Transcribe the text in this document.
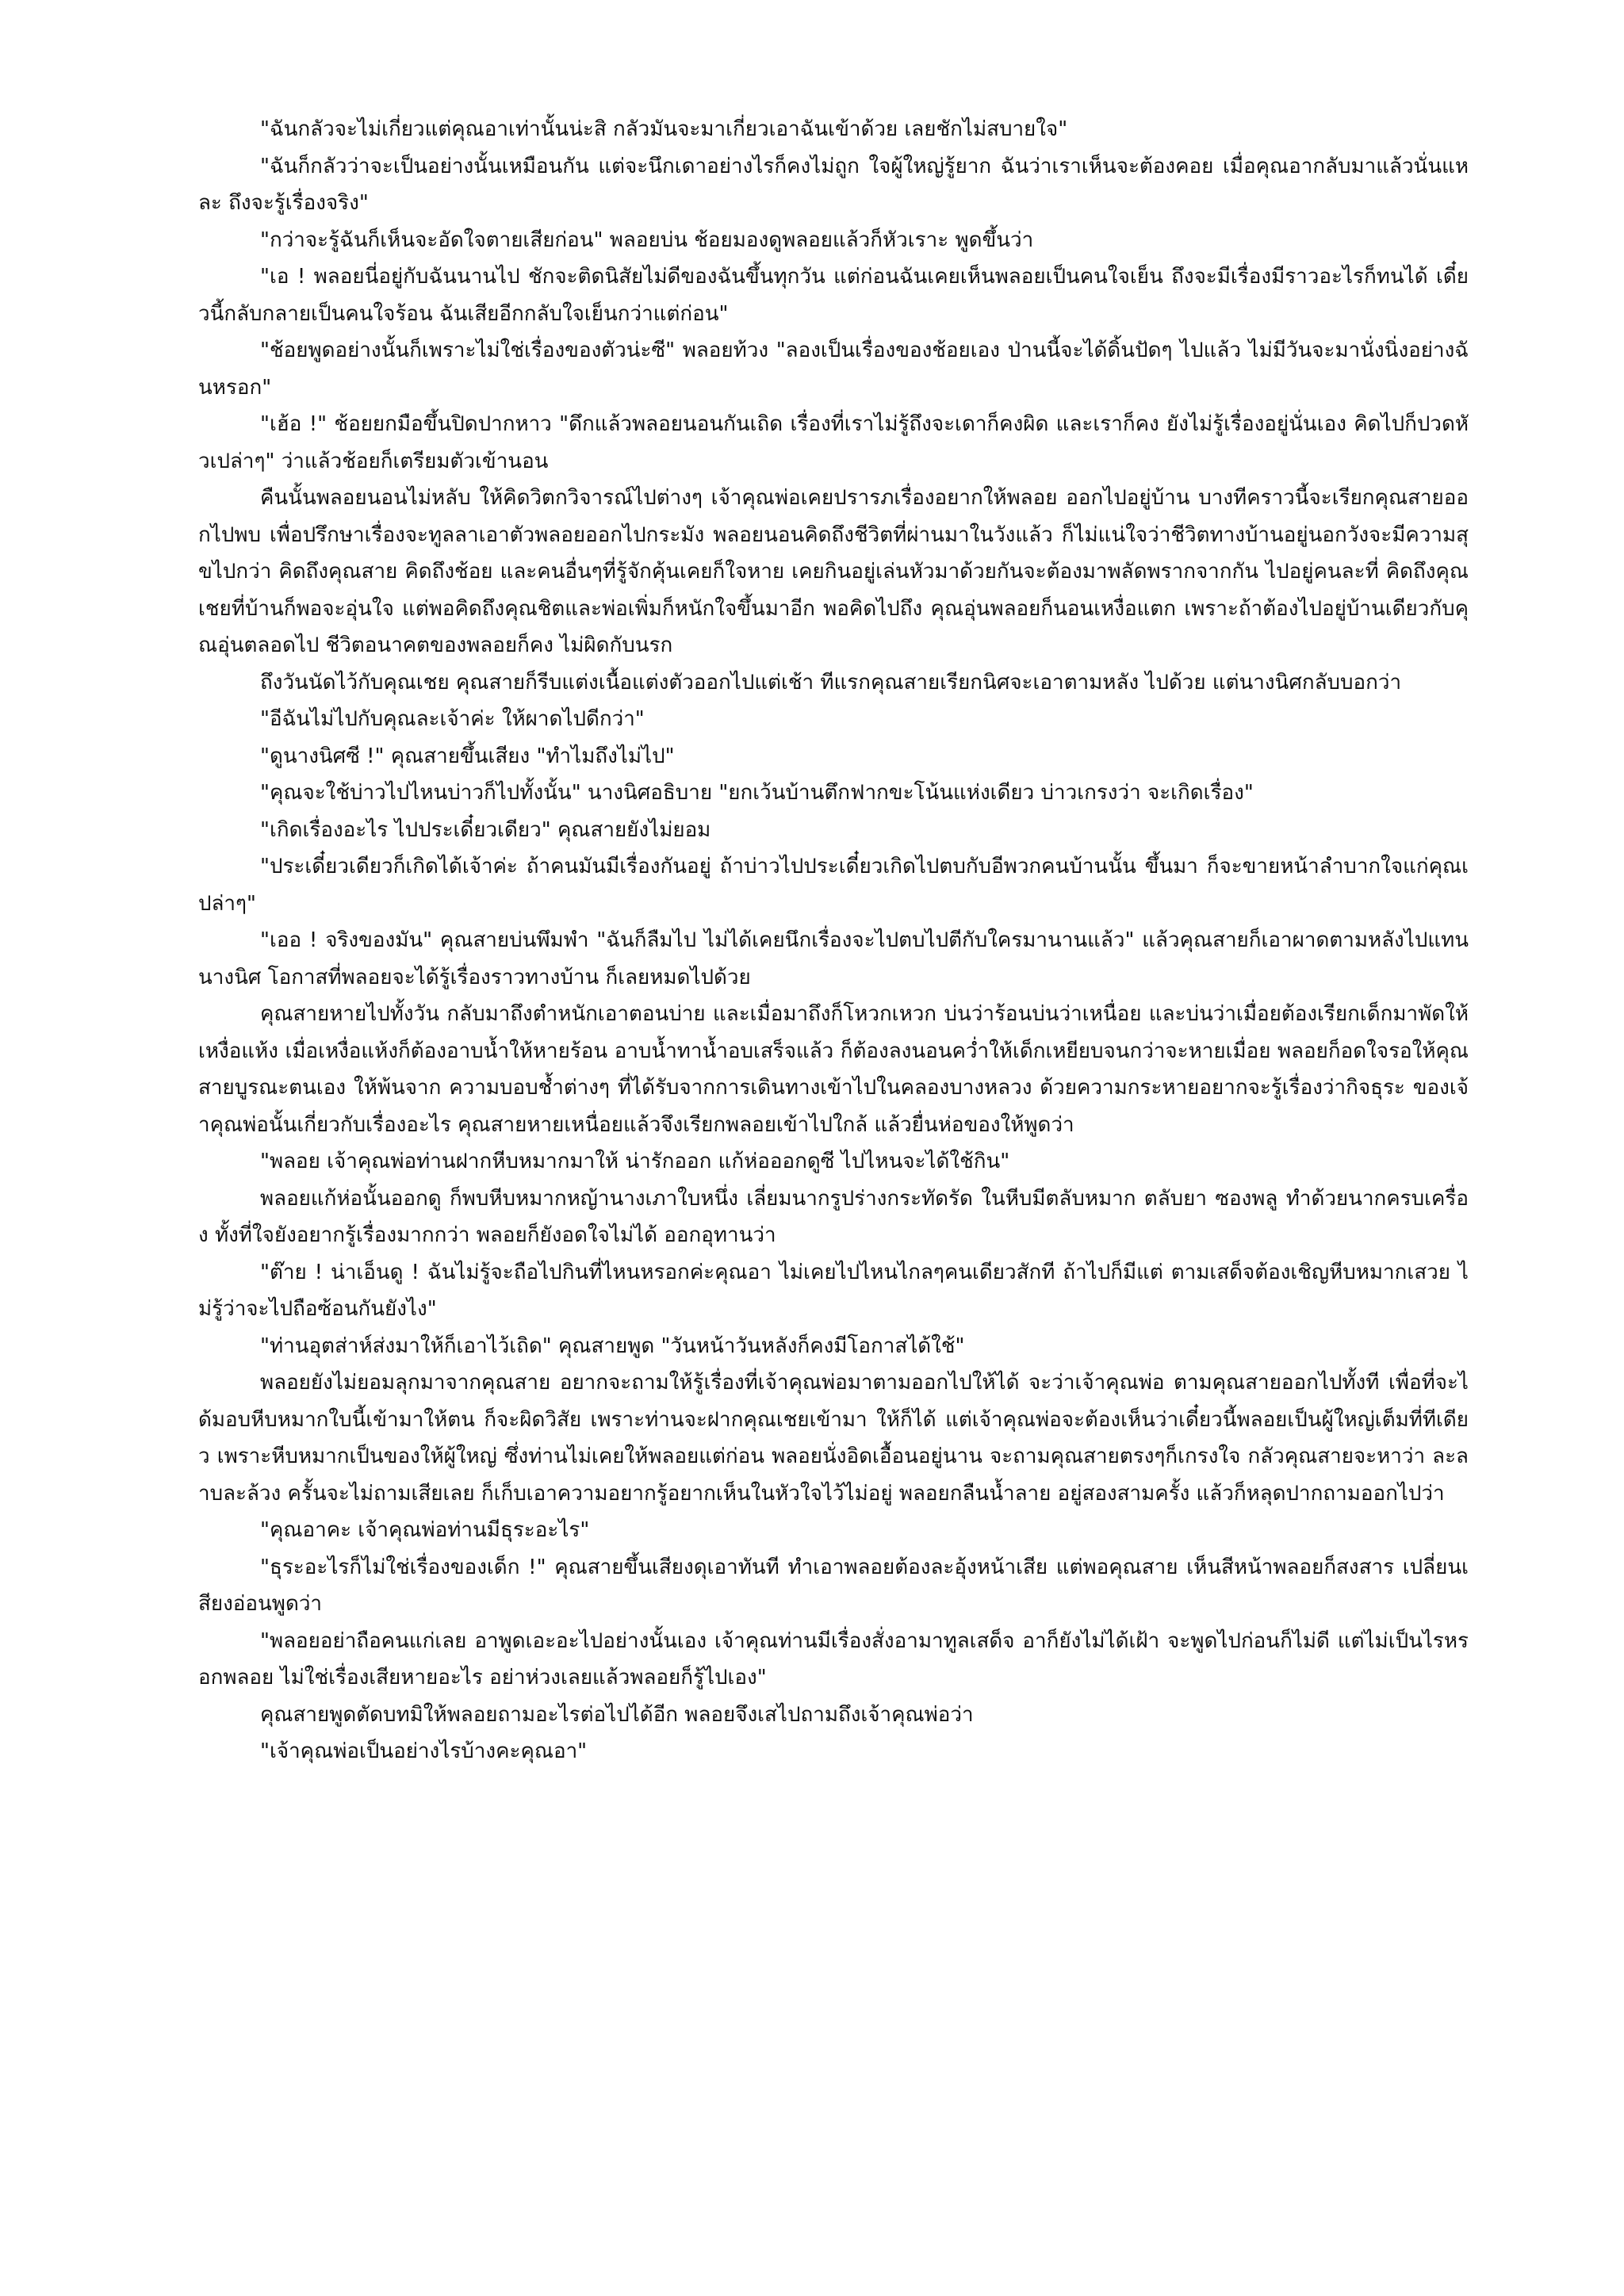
"ฉันกลัวจะไม่เกี่ยวแต่คุณอาเท่านั้นน่ะสิ กลัวมันจะมาเกี่ยวเอาฉันเข้าด้วย เลยชักไม่สบายใจ"

"ฉันก็กลัวว่าจะเป็นอย่างนั้นเหมือนกัน แต่จะนึกเดาอย่างไรก็คงไม่ถูก ใจผู้ใหญ่รู้ยาก ฉันว่าเราเห็นจะต้องคอย เมื่อคุณอากลับมาแล้วนั่นแหละ ถึงจะรู้เรื่องจริง"

"กว่าจะรู้ฉันก็เห็นจะอัดใจตายเสียก่อน" พลอยบ่น ช้อยมองดูพลอยแล้วก็หัวเราะ พูดขึ้นว่า

"เอ ! พลอยนี่อยู่กับฉันนานไป ชักจะติดนิสัยไม่ดีของฉันขึ้นทุกวัน แต่ก่อนฉันเคยเห็นพลอยเป็นคนใจเย็น ถึงจะมีเรื่องมีราวอะไรก็ทนได้ เดี๋ยวนี้กลับกลายเป็นคนใจร้อน ฉันเสียอีกกลับใจเย็นกว่าแต่ก่อน"

"ช้อยพูดอย่างนั้นก็เพราะไม่ใช่เรื่องของตัวน่ะซี" พลอยท้วง "ลองเป็นเรื่องของช้อยเอง ป่านนี้จะได้ดิ้นปัดๆ ไปแล้ว ไม่มีวันจะมานั่งนิ่งอย่างฉันหรอก"

"เฮ้อ !" ช้อยยกมือขึ้นปิดปากหาว "ดึกแล้วพลอยนอนกันเถิด เรื่องที่เราไม่รู้ถึงจะเดาก็คงผิด และเราก็คง ยังไม่รู้เรื่องอยู่นั่นเอง คิดไปก็ปวดหัวเปล่าๆ" ว่าแล้วช้อยก็เตรียมตัวเข้านอน

คืนนั้นพลอยนอนไม่หลับ ให้คิดวิตกวิจารณ์ไปต่างๆ เจ้าคุณพ่อเคยปรารภเรื่องอยากให้พลอย ออกไปอยู่บ้าน บางทีคราวนี้จะเรียกคุณสายออกไปพบ เพื่อปรึกษาเรื่องจะทูลลาเอาตัวพลอยออกไปกระมัง พลอยนอนคิดถึงชีวิตที่ผ่านมาในวังแล้ว ก็ไม่แน่ใจว่าชีวิตทางบ้านอยู่นอกวังจะมีความสุขไปกว่า คิดถึงคุณสาย คิดถึงช้อย และคนอื่นๆที่รู้จักคุ้นเคยก็ใจหาย เคยกินอยู่เล่นหัวมาด้วยกันจะต้องมาพลัดพรากจากกัน ไปอยู่คนละที่ คิดถึงคุณเชยที่บ้านก็พอจะอุ่นใจ แต่พอคิดถึงคุณชิตและพ่อเพิ่มก็หนักใจขึ้นมาอีก พอคิดไปถึง คุณอุ่นพลอยก็นอนเหงื่อแตก เพราะถ้าต้องไปอยู่บ้านเดียวกับคุณอุ่นตลอดไป ชีวิตอนาคตของพลอยก็คง ไม่ผิดกับนรก

ถึงวันนัดไว้กับคุณเชย คุณสายก็รีบแต่งเนื้อแต่งตัวออกไปแต่เช้า ทีแรกคุณสายเรียกนิศจะเอาตามหลัง ไปด้วย แต่นางนิศกลับบอกว่า

"อีฉันไม่ไปกับคุณละเจ้าค่ะ ให้ผาดไปดีกว่า"

"ดูนางนิศซี !" คุณสายขึ้นเสียง "ทำไมถึงไม่ไป"

"คุณจะใช้บ่าวไปไหนบ่าวก็ไปทั้งนั้น" นางนิศอธิบาย "ยกเว้นบ้านตึกฟากขะโน้นแห่งเดียว บ่าวเกรงว่า จะเกิดเรื่อง"

"เกิดเรื่องอะไร ไปประเดี๋ยวเดียว" คุณสายยังไม่ยอม

"ประเดี๋ยวเดียวก็เกิดได้เจ้าค่ะ ถ้าคนมันมีเรื่องกันอยู่ ถ้าบ่าวไปประเดี๋ยวเกิดไปตบกับอีพวกคนบ้านนั้น ขึ้นมา ก็จะขายหน้าลำบากใจแก่คุณเปล่าๆ"

"เออ ! จริงของมัน" คุณสายบ่นพึมพำ "ฉันก็ลืมไป ไม่ได้เคยนึกเรื่องจะไปตบไปตีกับใครมานานแล้ว" แล้วคุณสายก็เอาผาดตามหลังไปแทนนางนิศ โอกาสที่พลอยจะได้รู้เรื่องราวทางบ้าน ก็เลยหมดไปด้วย

คุณสายหายไปทั้งวัน กลับมาถึงตำหนักเอาตอนบ่าย และเมื่อมาถึงก็โหวกเหวก บ่นว่าร้อนบ่นว่าเหนื่อย และบ่นว่าเมื่อยต้องเรียกเด็กมาพัดให้เหงื่อแห้ง เมื่อเหงื่อแห้งก็ต้องอาบน้ำให้หายร้อน อาบน้ำทาน้ำอบเสร็จแล้ว ก็ต้องลงนอนคว่ำให้เด็กเหยียบจนกว่าจะหายเมื่อย พลอยก็อดใจรอให้คุณสายบูรณะตนเอง ให้พ้นจาก ความบอบช้ำต่างๆ ที่ได้รับจากการเดินทางเข้าไปในคลองบางหลวง ด้วยความกระหายอยากจะรู้เรื่องว่ากิจธุระ ของเจ้าคุณพ่อนั้นเกี่ยวกับเรื่องอะไร คุณสายหายเหนื่อยแล้วจึงเรียกพลอยเข้าไปใกล้ แล้วยื่นห่อของให้พูดว่า

"พลอย เจ้าคุณพ่อท่านฝากหีบหมากมาให้ น่ารักออก แก้ห่อออกดูซี ไปไหนจะได้ใช้กิน"

พลอยแก้ห่อนั้นออกดู ก็พบหีบหมากหญ้านางเภาใบหนึ่ง เลี่ยมนากรูปร่างกระทัดรัด ในหีบมีตลับหมาก ตลับยา ซองพลู ทำด้วยนากครบเครื่อง ทั้งที่ใจยังอยากรู้เรื่องมากกว่า พลอยก็ยังอดใจไม่ได้ ออกอุทานว่า

"ต๊าย ! น่าเอ็นดู ! ฉันไม่รู้จะถือไปกินที่ไหนหรอกค่ะคุณอา ไม่เคยไปไหนไกลๆคนเดียวสักที ถ้าไปก็มีแต่ ตามเสด็จต้องเชิญหีบหมากเสวย ไม่รู้ว่าจะไปถือซ้อนกันยังไง"

"ท่านอุตส่าห์ส่งมาให้ก็เอาไว้เถิด" คุณสายพูด "วันหน้าวันหลังก็คงมีโอกาสได้ใช้"

พลอยยังไม่ยอมลุกมาจากคุณสาย อยากจะถามให้รู้เรื่องที่เจ้าคุณพ่อมาตามออกไปให้ได้ จะว่าเจ้าคุณพ่อ ตามคุณสายออกไปทั้งที เพื่อที่จะได้มอบหีบหมากใบนี้เข้ามาให้ตน ก็จะผิดวิสัย เพราะท่านจะฝากคุณเชยเข้ามา ให้ก็ได้ แต่เจ้าคุณพ่อจะต้องเห็นว่าเดี๋ยวนี้พลอยเป็นผู้ใหญ่เต็มที่ทีเดียว เพราะหีบหมากเป็นของให้ผู้ใหญ่ ซึ่งท่านไม่เคยให้พลอยแต่ก่อน พลอยนั่งอิดเอื้อนอยู่นาน จะถามคุณสายตรงๆก็เกรงใจ กลัวคุณสายจะหาว่า ละลาบละล้วง ครั้นจะไม่ถามเสียเลย ก็เก็บเอาความอยากรู้อยากเห็นในหัวใจไว้ไม่อยู่ พลอยกลืนน้ำลาย อยู่สองสามครั้ง แล้วก็หลุดปากถามออกไปว่า

"คุณอาคะ เจ้าคุณพ่อท่านมีธุระอะไร"

"ธุระอะไรก็ไม่ใช่เรื่องของเด็ก !" คุณสายขึ้นเสียงดุเอาทันที ทำเอาพลอยต้องละอุ้งหน้าเสีย แต่พอคุณสาย เห็นสีหน้าพลอยก็สงสาร เปลี่ยนเสียงอ่อนพูดว่า

"พลอยอย่าถือคนแก่เลย อาพูดเอะอะไปอย่างนั้นเอง เจ้าคุณท่านมีเรื่องสั่งอามาทูลเสด็จ อาก็ยังไม่ได้เฝ้า จะพูดไปก่อนก็ไม่ดี แต่ไม่เป็นไรหรอกพลอย ไม่ใช่เรื่องเสียหายอะไร อย่าห่วงเลยแล้วพลอยก็รู้ไปเอง"

คุณสายพูดตัดบทมิให้พลอยถามอะไรต่อไปได้อีก พลอยจึงเสไปถามถึงเจ้าคุณพ่อว่า

"เจ้าคุณพ่อเป็นอย่างไรบ้างคะคุณอา"
